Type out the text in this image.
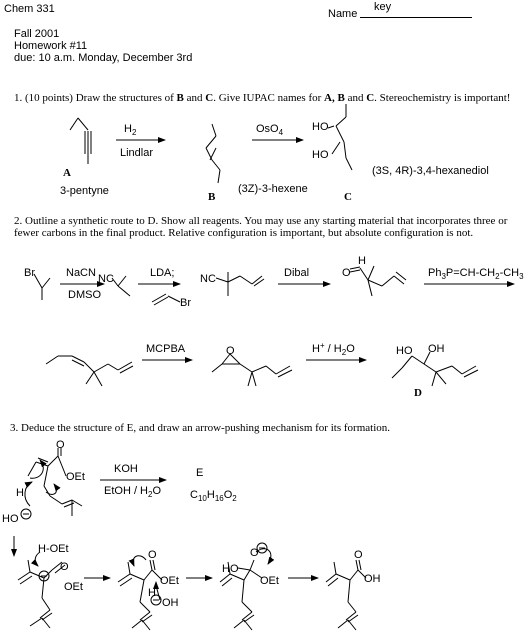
Chem 331	Name
key
Fall 2001
Homework #11
due: 10 a.m. Monday, December 3rd
1. (10 points) Draw the structures of B and C. Give IUPAC names for A, B and C. Stereochemistry is important!
2. Outline a synthetic route to D. Show all reagents. You may use any starting material that incorporates three or fewer carbons in the final product. Relative configuration is important, but absolute configuration is not.
3. Deduce the structure of E, and draw an arrow-pushing mechanism for its formation.
$H_2$
Lindlar
OsO$_4$	HO
HO
A
3-pentyne	B
(3Z)-3-hexene
C
(3S, 4R)-3,4-hexanediol
Br	NaCN
DMSO
NC	LDA;
Br
NC	Dibal	O
H
$Ph_3P=CH-CH_2-CH_3$
MCPBA	O	$H^+ / H_2O$	HO OH
D
O
OEt
H
KOH
EtOH / $H_2O$
E
$C_{10}H_{16}O_2$
HO
H-OEt
O
OEt
O
OEt
H
OH
HO
O
OEt
O
OH
